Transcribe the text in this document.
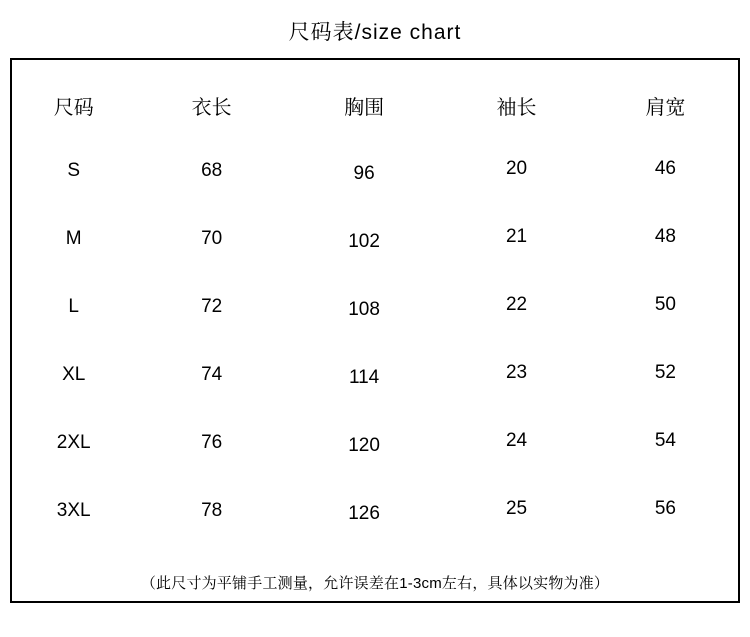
尺码表/size chart
尺码	衣长	胸围	袖长	肩宽
S	68	96	20	46
M	70	102	21	48
L	72	108	22	50
XL	74	114	23	52
2XL	76	120	24	54
3XL	78	126	25	56
（此尺寸为平铺手工测量，允许误差在1-3cm左右，具体以实物为准）
